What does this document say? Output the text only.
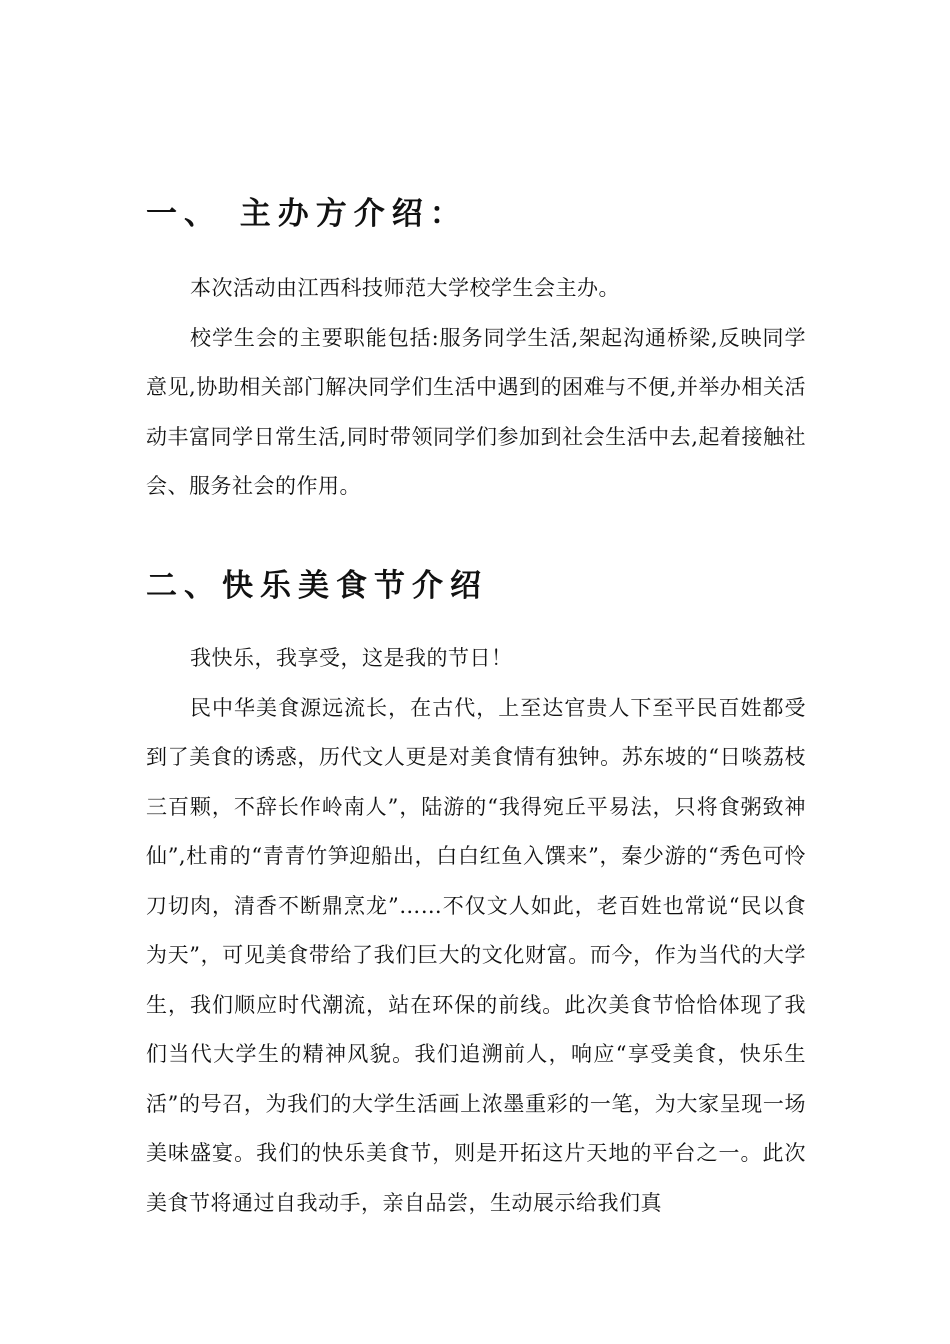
一、 主办方介绍：

本次活动由江西科技师范大学校学生会主办。

校学生会的主要职能包括:服务同学生活,架起沟通桥梁,反映同学意见,协助相关部门解决同学们生活中遇到的困难与不便,并举办相关活动丰富同学日常生活,同时带领同学们参加到社会生活中去,起着接触社会、服务社会的作用。

二、快乐美食节介绍

我快乐，我享受，这是我的节日！

民中华美食源远流长，在古代，上至达官贵人下至平民百姓都受到了美食的诱惑，历代文人更是对美食情有独钟。苏东坡的“日啖荔枝三百颗，不辞长作岭南人”，陆游的“我得宛丘平易法，只将食粥致神仙”,杜甫的“青青竹笋迎船出，白白红鱼入馔来”，秦少游的“秀色可怜刀切肉，清香不断鼎烹龙”……不仅文人如此，老百姓也常说“民以食为天”，可见美食带给了我们巨大的文化财富。而今，作为当代的大学生，我们顺应时代潮流，站在环保的前线。此次美食节恰恰体现了我们当代大学生的精神风貌。我们追溯前人，响应“享受美食，快乐生活”的号召，为我们的大学生活画上浓墨重彩的一笔，为大家呈现一场美味盛宴。我们的快乐美食节，则是开拓这片天地的平台之一。此次美食节将通过自我动手，亲自品尝，生动展示给我们真
